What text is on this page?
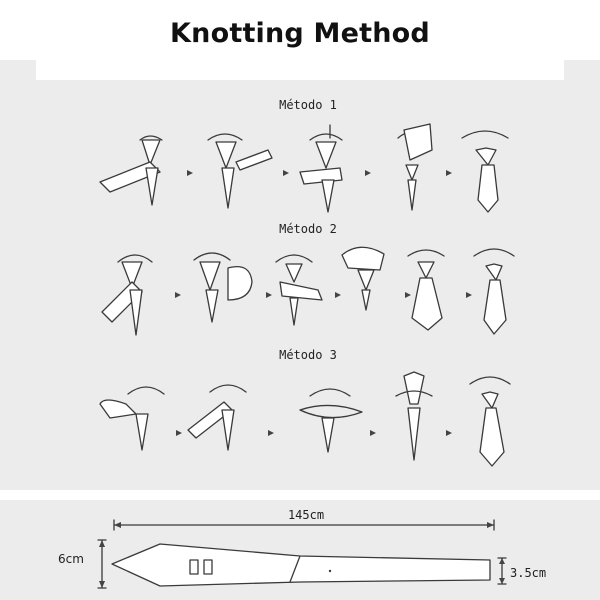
Knotting Method
Método 1
Método 2
Método 3
145cm
6cm
3.5cm
